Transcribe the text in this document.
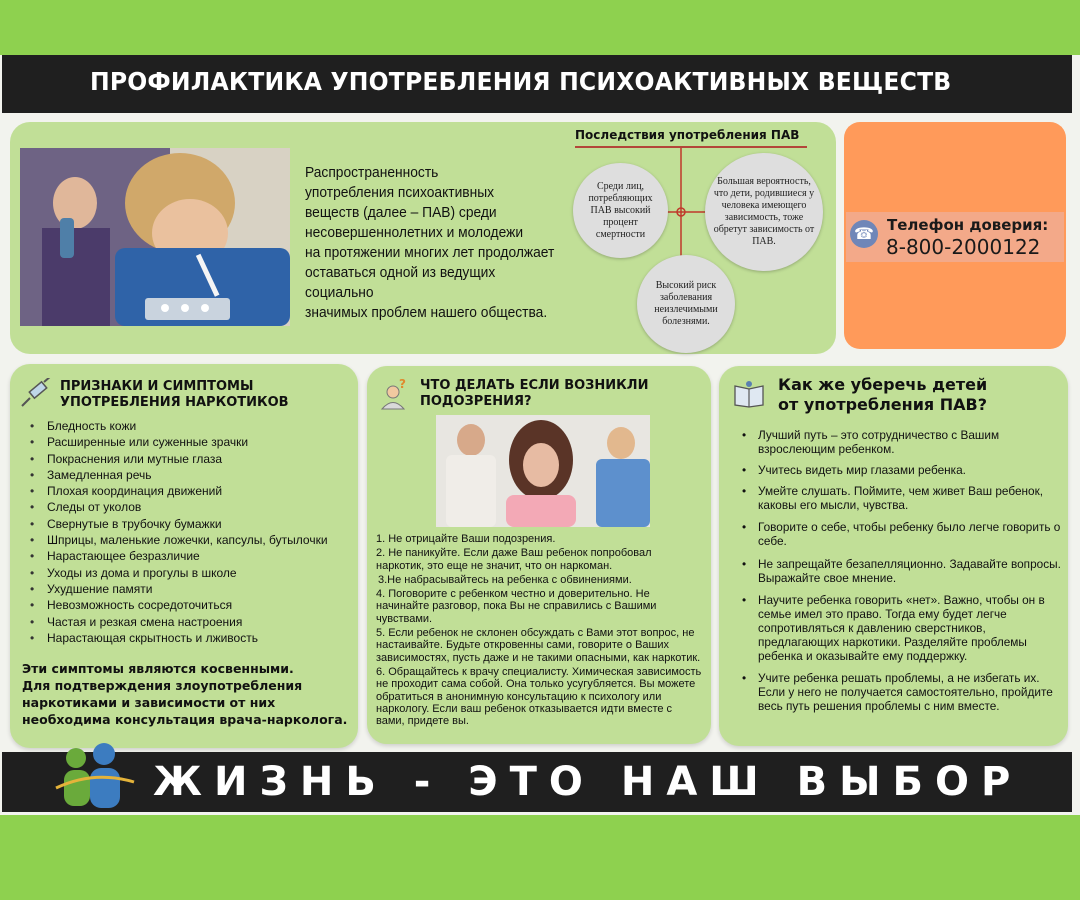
ПРОФИЛАКТИКА УПОТРЕБЛЕНИЯ ПСИХОАКТИВНЫХ ВЕЩЕСТВ
Распространенность
употребления психоактивных
веществ (далее – ПАВ) среди
несовершеннолетних и молодежи
на протяжении многих лет продолжает
оставаться одной из ведущих социально
значимых проблем нашего общества.
Последствия употребления ПАВ
Среди лиц, потребляющих ПАВ высокий процент смертности
Большая вероятность, что дети, родившиеся у человека имеющего зависимость, тоже обретут зависимость от ПАВ.
Высокий риск заболевания неизлечимыми болезнями.
☎
Телефон доверия:
8-800-2000122
ПРИЗНАКИ И СИМПТОМЫ
УПОТРЕБЛЕНИЯ НАРКОТИКОВ
• Бледность кожи
• Расширенные или суженные зрачки
• Покраснения или мутные глаза
• Замедленная речь
• Плохая координация движений
• Следы от уколов
• Свернутые в трубочку бумажки
• Шприцы, маленькие ложечки, капсулы, бутылочки
• Нарастающее безразличие
• Уходы из дома и прогулы в школе
• Ухудшение памяти
• Невозможность сосредоточиться
• Частая и резкая смена настроения
• Нарастающая скрытность и лживость
Эти симптомы являются косвенными.
Для подтверждения злоупотребления
наркотиками и зависимости от них
необходима консультация врача-нарколога.
? ЧТО ДЕЛАТЬ ЕСЛИ ВОЗНИКЛИ
ПОДОЗРЕНИЯ?

1. Не отрицайте Ваши подозрения.

2. Не паникуйте. Если даже Ваш ребенок попробовал наркотик, это еще не значит, что он наркоман.

3.Не набрасывайтесь на ребенка с обвинениями.

4. Поговорите с ребенком честно и доверительно. Не начинайте разговор, пока Вы не справились с Вашими чувствами.

5. Если ребенок не склонен обсуждать с Вами этот вопрос, не настаивайте. Будьте откровенны сами, говорите о Ваших зависимостях, пусть даже и не такими опасными, как наркотик.

6. Обращайтесь к врачу специалисту. Химическая зависимость не проходит сама собой. Она только усугубляется. Вы можете обратиться в анонимную консультацию к психологу или наркологу. Если ваш ребенок отказывается идти вместе с вами, придете вы.

Как же уберечь детей
от употребления ПАВ?
• Лучший путь – это сотрудничество с Вашим взрослеющим ребенком.
• Учитесь видеть мир глазами ребенка.
• Умейте слушать. Поймите, чем живет Ваш ребенок, каковы его мысли, чувства.
• Говорите о себе, чтобы ребенку было легче говорить о себе.
• Не запрещайте безапелляционно. Задавайте вопросы. Выражайте свое мнение.
• Научите ребенка говорить «нет». Важно, чтобы он в семье имел это право. Тогда ему будет легче сопротивляться к давлению сверстников, предлагающих наркотики. Разделяйте проблемы ребенка и оказывайте ему поддержку.
• Учите ребенка решать проблемы, а не избегать их. Если у него не получается самостоятельно, пройдите весь путь решения проблемы с ним вместе.
ЖИЗНЬ - ЭТО НАШ ВЫБОР
